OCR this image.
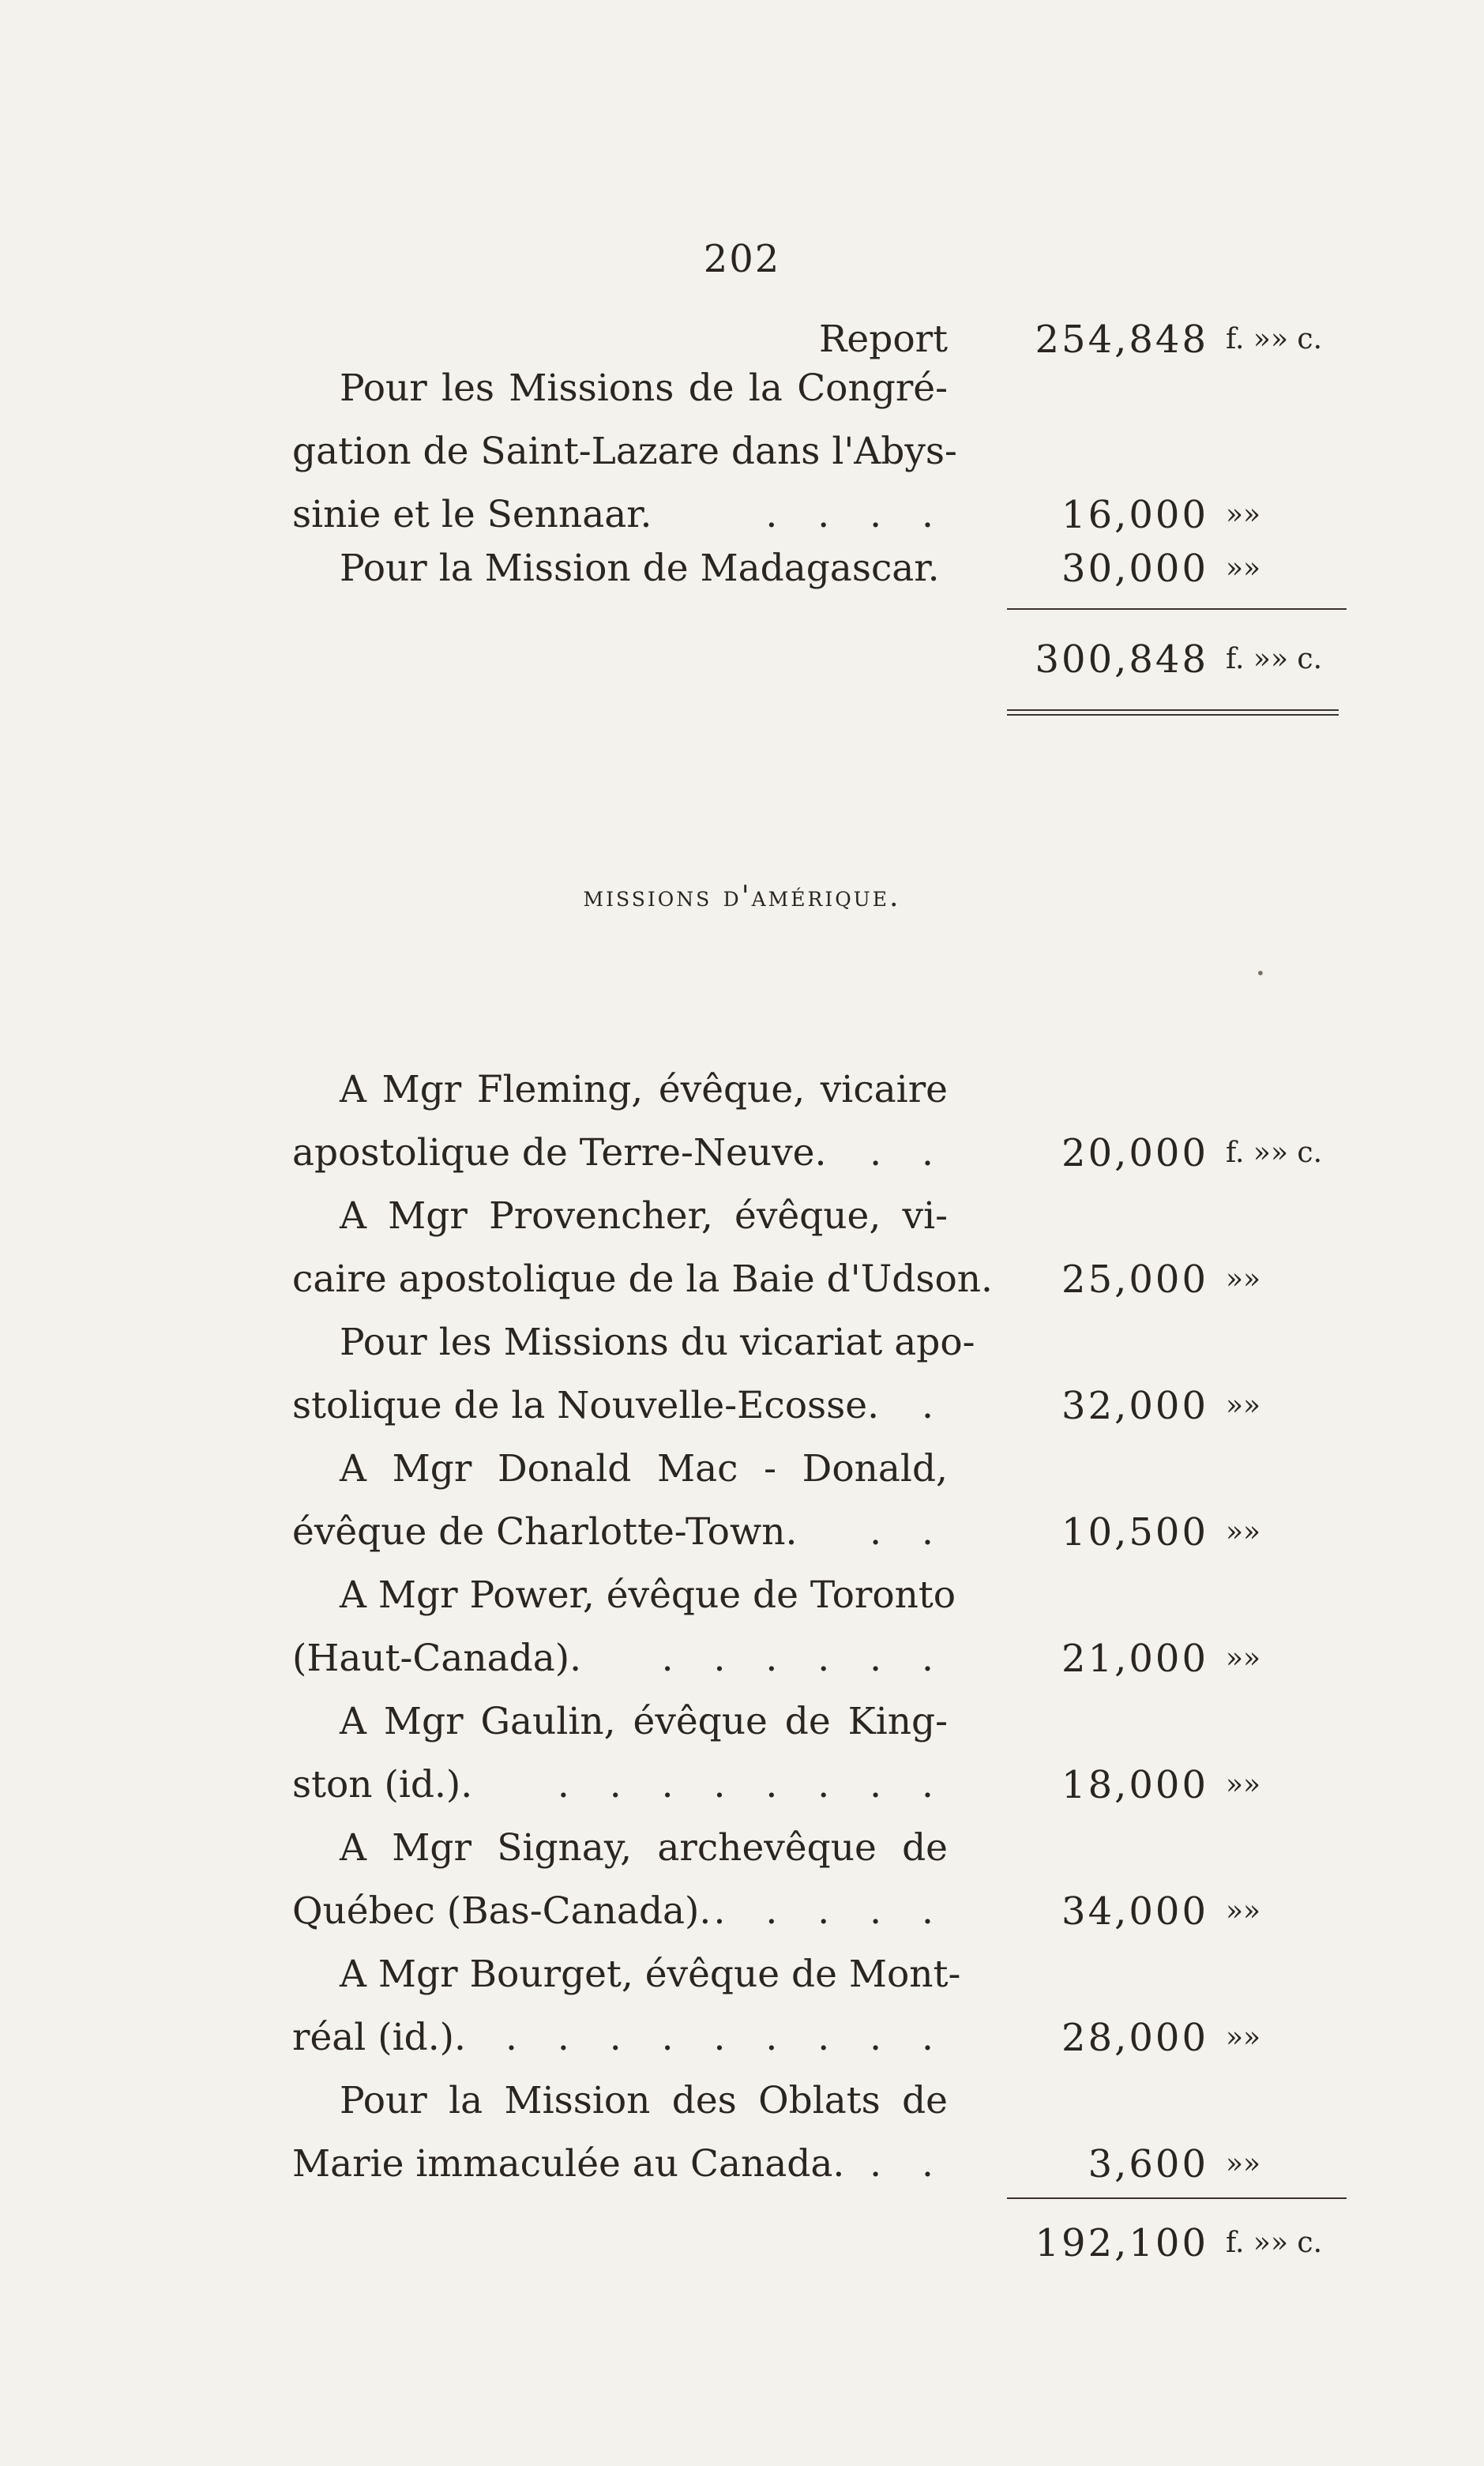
202
Report	254,848 f. »» c.
Pour les Missions de la Congré-
gation de Saint-Lazare dans l'Abys-
sinie et le Sennaar.	. . . .	16,000 »»
Pour la Mission de Madagascar.	30,000 »»
300,848 f. »» c.
missions d'amérique.
•
A Mgr Fleming, évêque, vicaire
apostolique de Terre-Neuve. . .	20,000 f. »» c.
A Mgr Provencher, évêque, vi-
caire apostolique de la Baie d'Udson.	25,000 »»
Pour les Missions du vicariat apo-
stolique de la Nouvelle-Ecosse. .	32,000 »»
A Mgr Donald Mac - Donald,
évêque de Charlotte-Town. . .	10,500 »»
A Mgr Power, évêque de Toronto
(Haut-Canada). . . . . . .	21,000 »»
A Mgr Gaulin, évêque de King-
ston (id.). . . . . . . . .	18,000 »»
A Mgr Signay, archevêque de
Québec (Bas-Canada). . . . . .	34,000 »»
A Mgr Bourget, évêque de Mont-
réal (id.). . . . . . . . . .	28,000 »»
Pour la Mission des Oblats de
Marie immaculée au Canada. . .	3,600 »»
192,100 f. »» c.
